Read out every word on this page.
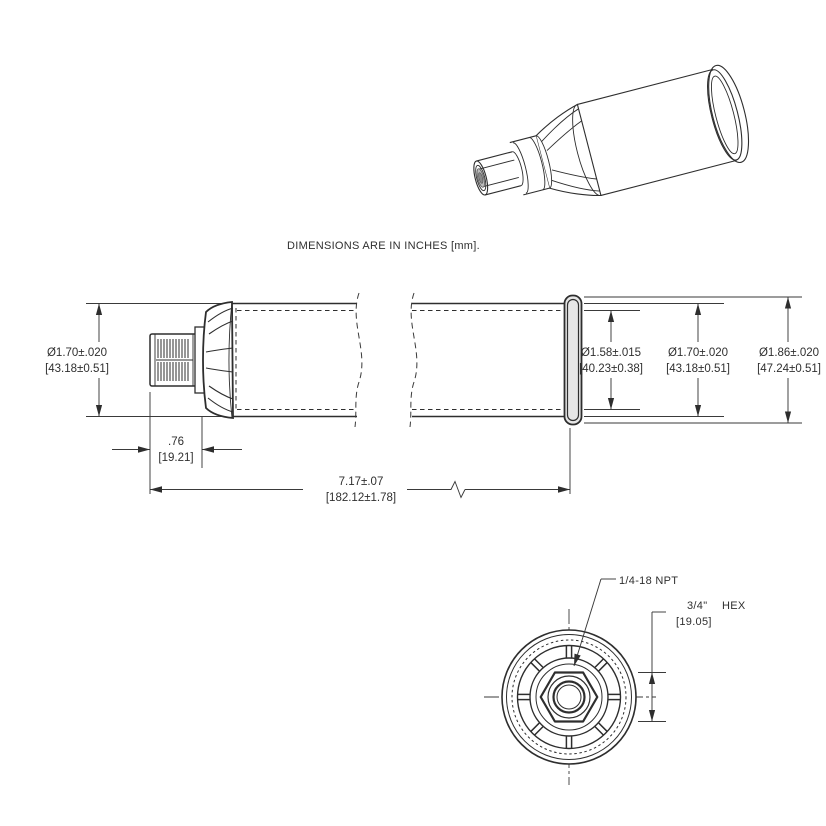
DIMENSIONS ARE IN INCHES [mm].
Ø1.70±.020
[43.18±0.51]
Ø1.58±.015
[40.23±0.38]
Ø1.70±.020
[43.18±0.51]
Ø1.86±.020
[47.24±0.51]
.76
[19.21]
7.17±.07
[182.12±1.78]
1/4-18 NPT
3/4" HEX
[19.05]
